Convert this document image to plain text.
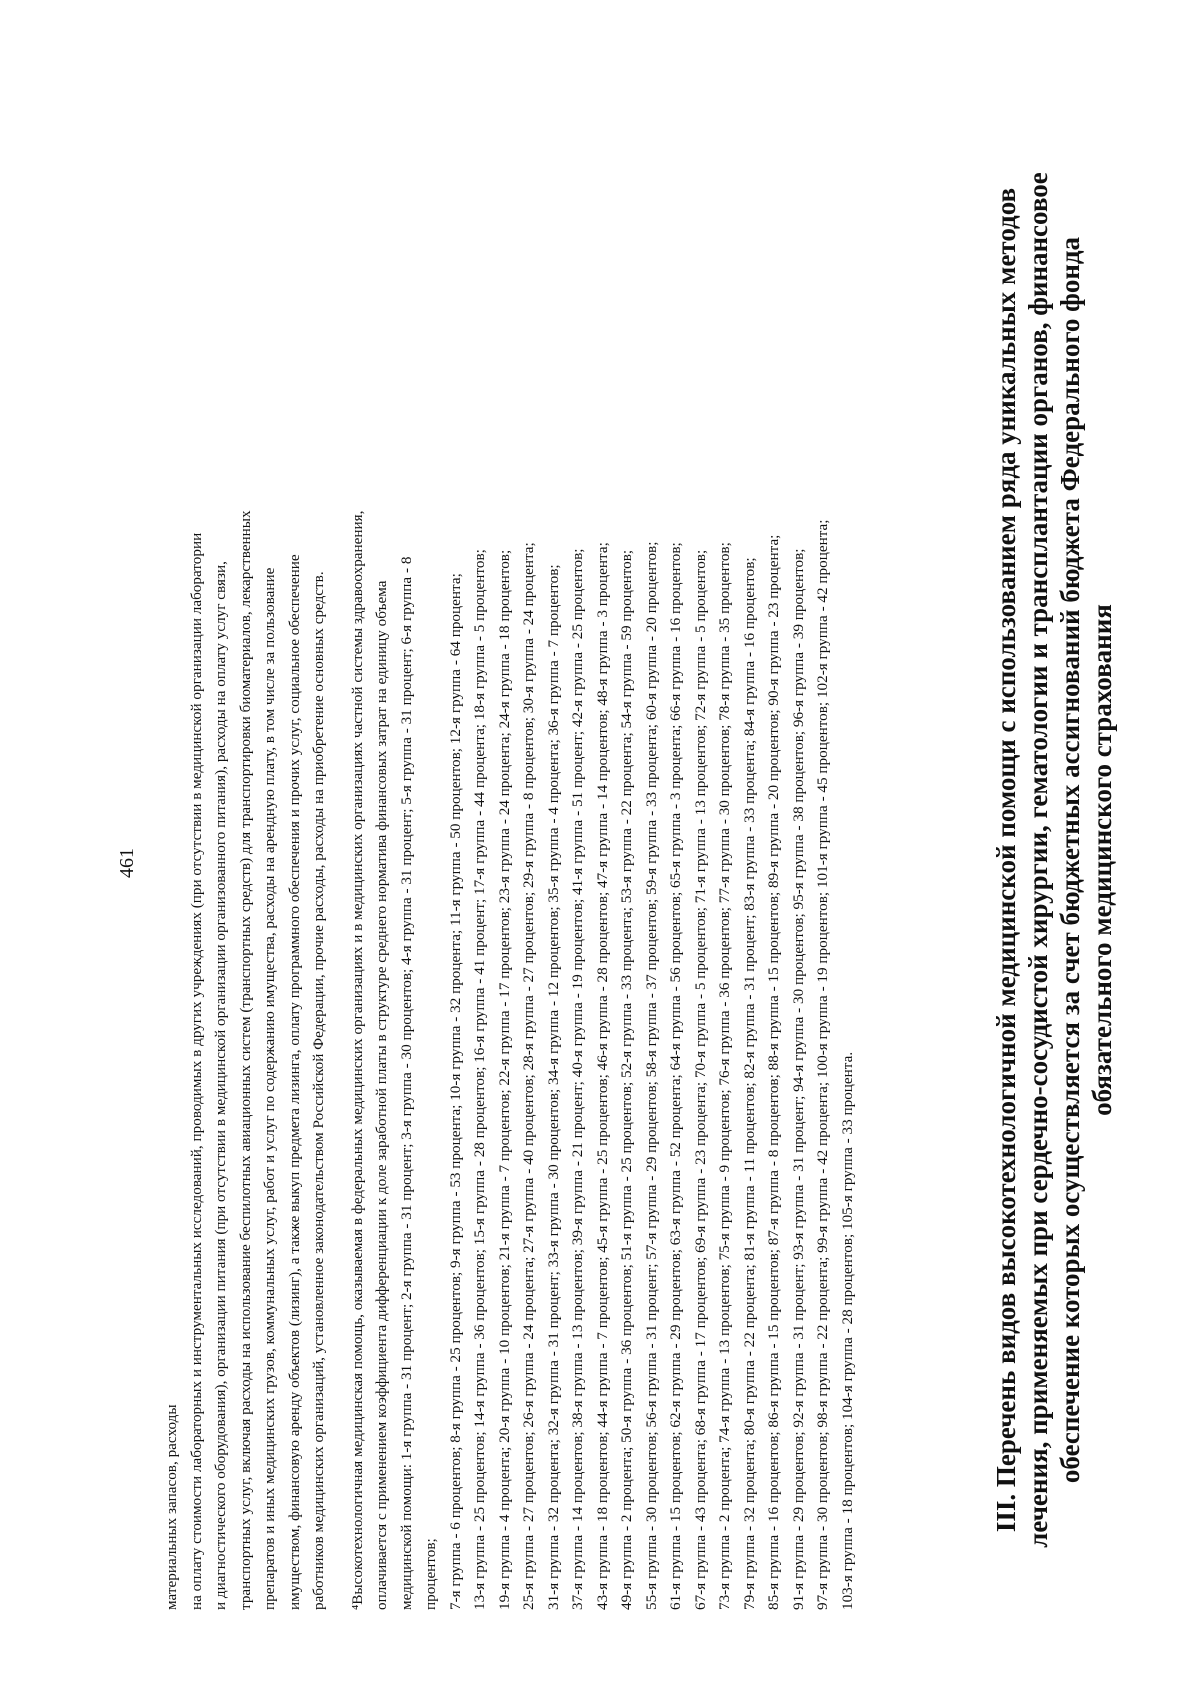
461
материальных запасов, расходы на оплату стоимости лабораторных и инструментальных исследований, проводимых в других учреждениях (при отсутствии в медицинской организации лаборатории и диагностического оборудования), организации питания (при отсутствии в медицинской организации организованного питания), расходы на оплату услуг связи, транспортных услуг, включая расходы на использование беспилотных авиационных систем (транспортных средств) для транспортировки биоматериалов, лекарственных препаратов и иных медицинских грузов, коммунальных услуг, работ и услуг по содержанию имущества, расходы на арендную плату, в том числе за пользование имуществом, финансовую аренду объектов (лизинг), а также выкуп предмета лизинга, оплату программного обеспечения и прочих услуг, социальное обеспечение работников медицинских организаций, установленное законодательством Российской Федерации, прочие расходы, расходы на приобретение основных средств. ⁴Высокотехнологичная медицинская помощь, оказываемая в федеральных медицинских организациях и в медицинских организациях частной системы здравоохранения, оплачивается с применением коэффициента дифференциации к доле заработной платы в структуре среднего норматива финансовых затрат на единицу объема медицинской помощи: 1-я группа - 31 процент; 2-я группа - 31 процент; 3-я группа - 30 процентов; 4-я группа - 31 процент; 5-я группа - 31 процент; 6-я группа - 8 процентов; 7-я группа - 6 процентов; 8-я группа - 25 процентов; 9-я группа - 53 процента; 10-я группа - 32 процента; 11-я группа - 50 процентов; 12-я группа - 64 процента; 13-я группа - 25 процентов; 14-я группа - 36 процентов; 15-я группа - 28 процентов; 16-я группа - 41 процент; 17-я группа - 44 процента; 18-я группа - 5 процентов; 19-я группа - 4 процента; 20-я группа - 10 процентов; 21-я группа - 7 процентов; 22-я группа - 17 процентов; 23-я группа - 24 процента; 24-я группа - 18 процентов; 25-я группа - 27 процентов; 26-я группа - 24 процента; 27-я группа - 40 процентов; 28-я группа - 27 процентов; 29-я группа - 8 процентов; 30-я группа - 24 процента; 31-я группа - 32 процента; 32-я группа - 31 процент; 33-я группа - 30 процентов; 34-я группа - 12 процентов; 35-я группа - 4 процента; 36-я группа - 7 процентов; 37-я группа - 14 процентов; 38-я группа - 13 процентов; 39-я группа - 21 процент; 40-я группа - 19 процентов; 41-я группа - 51 процент; 42-я группа - 25 процентов; 43-я группа - 18 процентов; 44-я группа - 7 процентов; 45-я группа - 25 процентов; 46-я группа - 28 процентов; 47-я группа - 14 процентов; 48-я группа - 3 процента; 49-я группа - 2 процента; 50-я группа - 36 процентов; 51-я группа - 25 процентов; 52-я группа - 33 процента; 53-я группа - 22 процента; 54-я группа - 59 процентов; 55-я группа - 30 процентов; 56-я группа - 31 процент; 57-я группа - 29 процентов; 58-я группа - 37 процентов; 59-я группа - 33 процента; 60-я группа - 20 процентов; 61-я группа - 15 процентов; 62-я группа - 29 процентов; 63-я группа - 52 процента; 64-я группа - 56 процентов; 65-я группа - 3 процента; 66-я группа - 16 процентов; 67-я группа - 43 процента; 68-я группа - 17 процентов; 69-я группа - 23 процента; 70-я группа - 5 процентов; 71-я группа - 13 процентов; 72-я группа - 5 процентов; 73-я группа - 2 процента; 74-я группа - 13 процентов; 75-я группа - 9 процентов; 76-я группа - 36 процентов; 77-я группа - 30 процентов; 78-я группа - 35 процентов; 79-я группа - 32 процента; 80-я группа - 22 процента; 81-я группа - 11 процентов; 82-я группа - 31 процент; 83-я группа - 33 процента; 84-я группа - 16 процентов; 85-я группа - 16 процентов; 86-я группа - 15 процентов; 87-я группа - 8 процентов; 88-я группа - 15 процентов; 89-я группа - 20 процентов; 90-я группа - 23 процента; 91-я группа - 29 процентов; 92-я группа - 31 процент; 93-я группа - 31 процент; 94-я группа - 30 процентов; 95-я группа - 38 процентов; 96-я группа - 39 процентов; 97-я группа - 30 процентов; 98-я группа - 22 процента; 99-я группа - 42 процента; 100-я группа - 19 процентов; 101-я группа - 45 процентов; 102-я группа - 42 процента; 103-я группа - 18 процентов; 104-я группа - 28 процентов; 105-я группа - 33 процента.	III. Перечень видов высокотехнологичной медицинской помощи с использованием ряда уникальных методов лечения, применяемых при сердечно-сосудистой хирургии, гематологии и трансплантации органов, финансовое обеспечение которых осуществляется за счет бюджетных ассигнований бюджета Федерального фонда обязательного медицинского страхования
